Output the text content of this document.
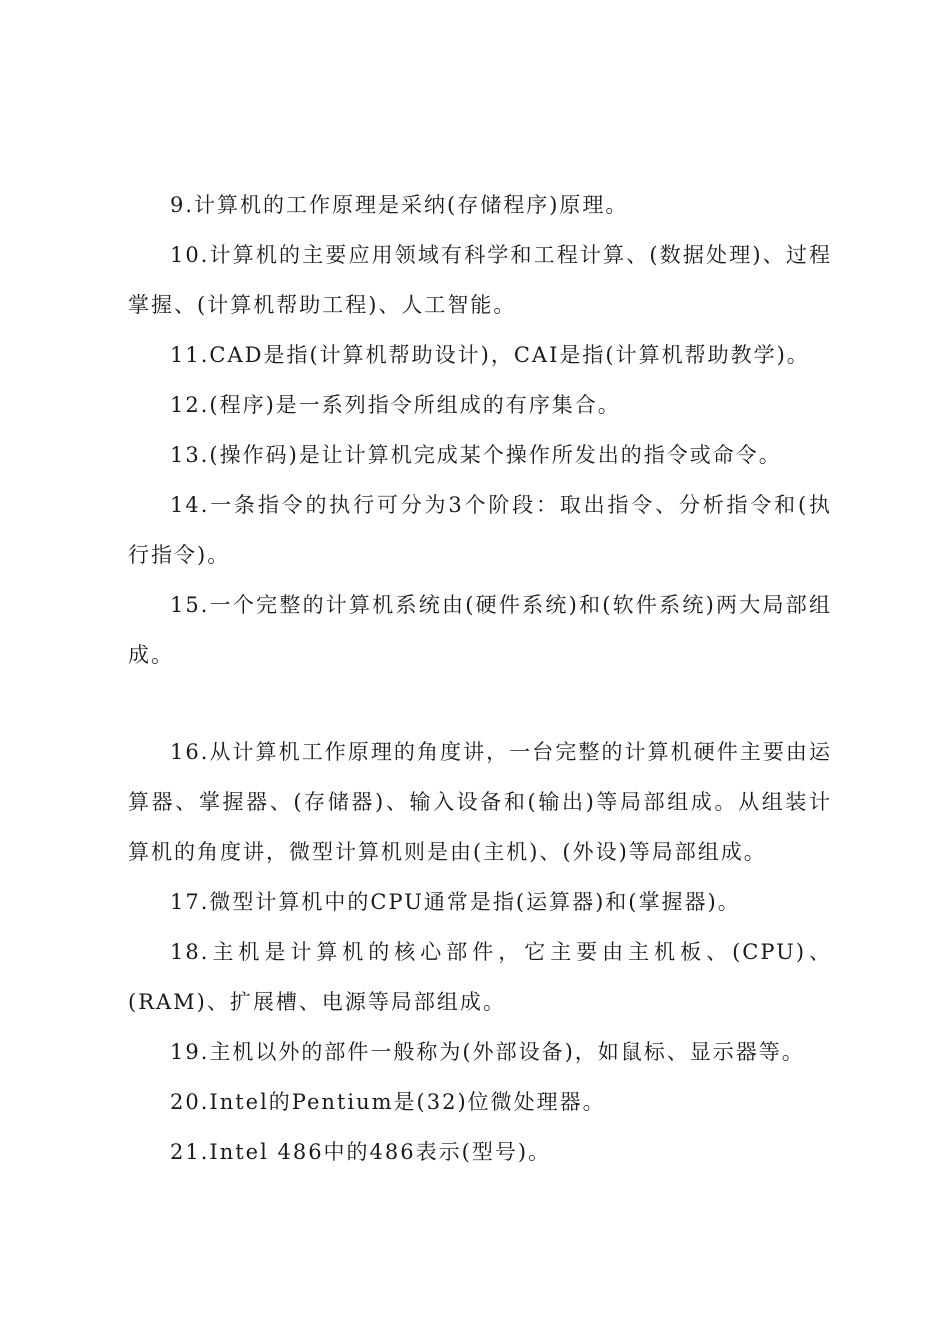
9.计算机的工作原理是采纳(存储程序)原理。

10.计算机的主要应用领域有科学和工程计算、(数据处理)、过程掌握、(计算机帮助工程)、人工智能。

11.CAD是指(计算机帮助设计)，CAI是指(计算机帮助教学)。

12.(程序)是一系列指令所组成的有序集合。

13.(操作码)是让计算机完成某个操作所发出的指令或命令。

14.一条指令的执行可分为3个阶段：取出指令、分析指令和(执行指令)。

15.一个完整的计算机系统由(硬件系统)和(软件系统)两大局部组成。

16.从计算机工作原理的角度讲，一台完整的计算机硬件主要由运算器、掌握器、(存储器)、输入设备和(输出)等局部组成。从组装计算机的角度讲，微型计算机则是由(主机)、(外设)等局部组成。

17.微型计算机中的CPU通常是指(运算器)和(掌握器)。

18.主机是计算机的核心部件，它主要由主机板、(CPU)、(RAM)、扩展槽、电源等局部组成。

19.主机以外的部件一般称为(外部设备)，如鼠标、显示器等。

20.Intel的Pentium是(32)位微处理器。

21.Intel 486中的486表示(型号)。
